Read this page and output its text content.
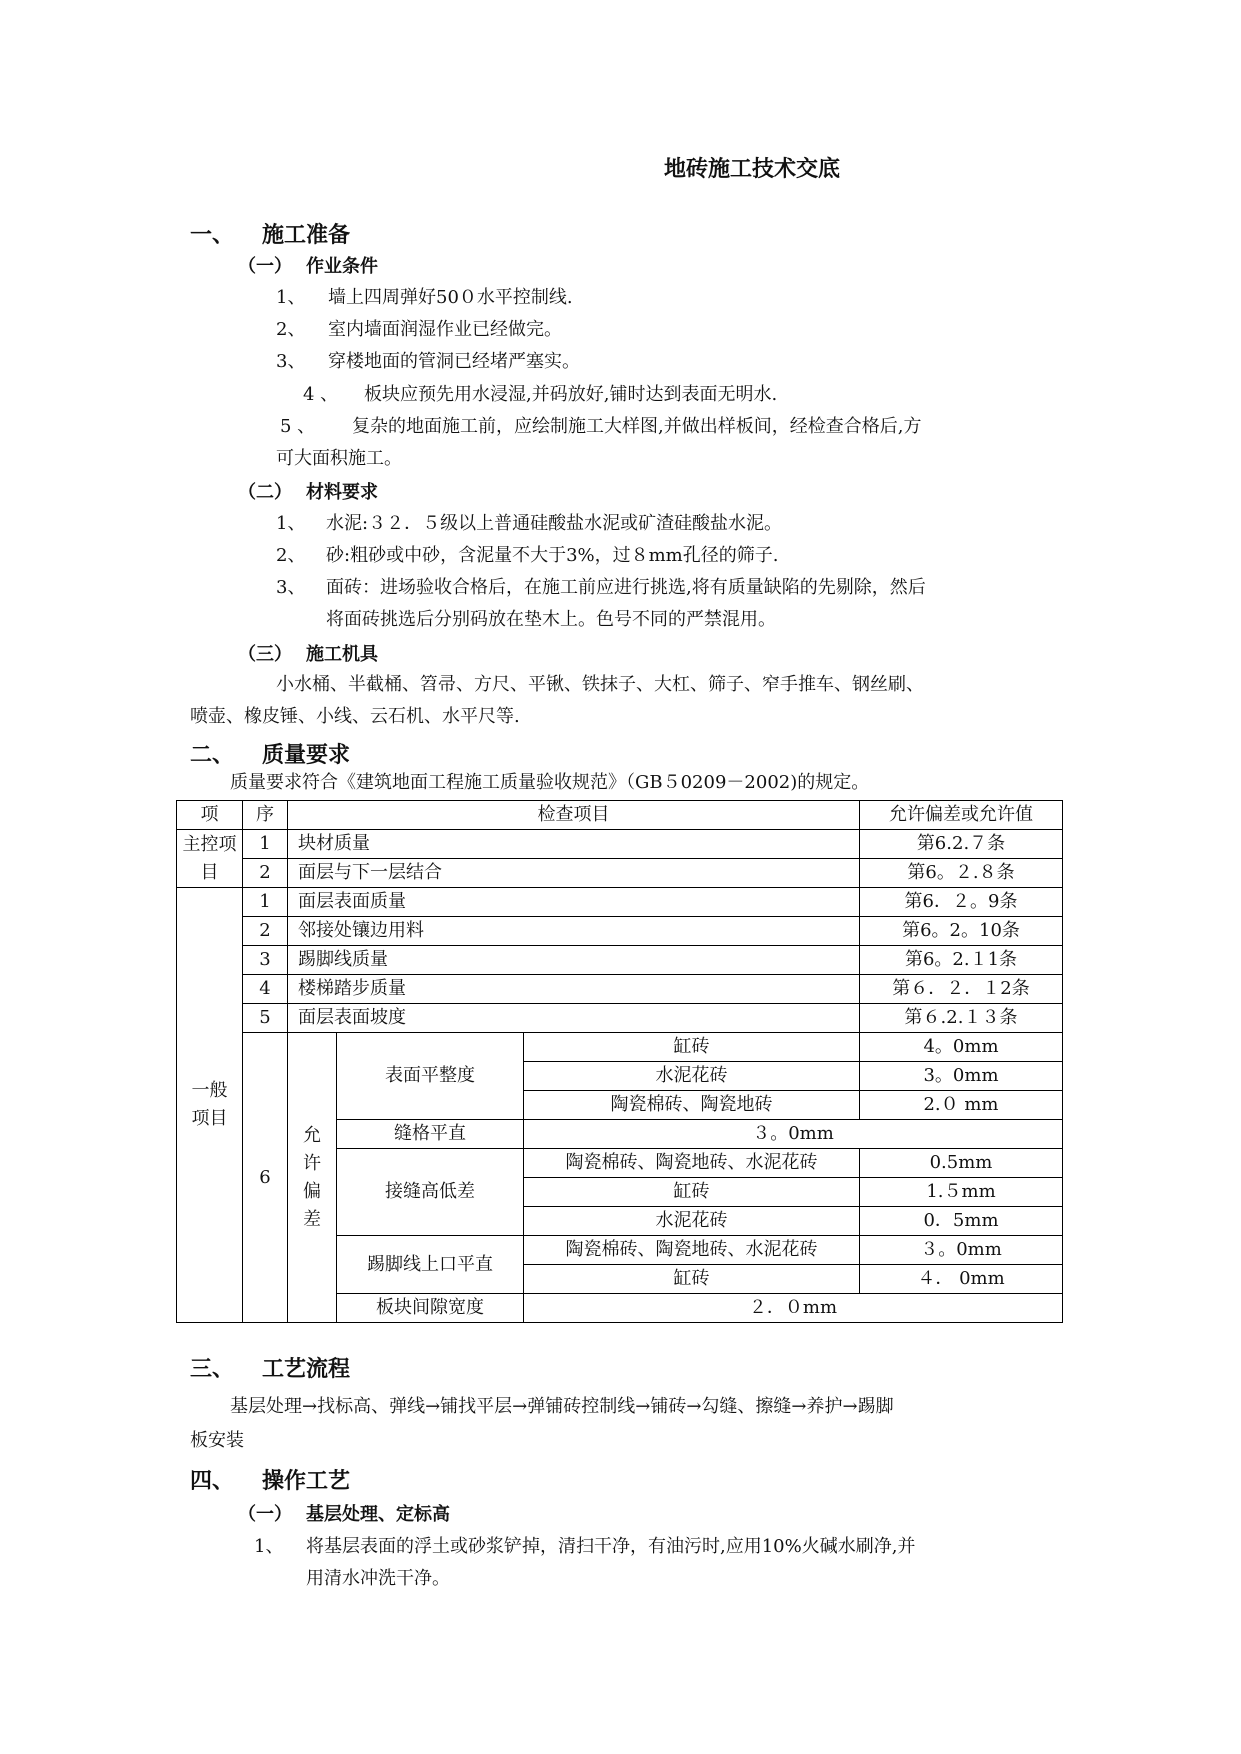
地砖施工技术交底
一、 施工准备
（一） 作业条件
1、 墙上四周弹好50０水平控制线.
2、 室内墙面润湿作业已经做完。
3、 穿楼地面的管洞已经堵严塞实。
4 、 板块应预先用水浸湿,并码放好,铺时达到表面无明水.
5 、 复杂的地面施工前，应绘制施工大样图,并做出样板间，经检查合格后,方
可大面积施工。
（二） 材料要求
1、 水泥:３２．５级以上普通硅酸盐水泥或矿渣硅酸盐水泥。
2、 砂:粗砂或中砂，含泥量不大于3%，过８mm孔径的筛子.
3、 面砖：进场验收合格后，在施工前应进行挑选,将有质量缺陷的先剔除，然后
将面砖挑选后分别码放在垫木上。色号不同的严禁混用。
（三） 施工机具
小水桶、半截桶、笤帚、方尺、平锹、铁抹子、大杠、筛子、窄手推车、钢丝刷、
喷壶、橡皮锤、小线、云石机、水平尺等.
二、 质量要求
质量要求符合《建筑地面工程施工质量验收规范》（GB５0209－2002)的规定。
项	序	检查项目			允许偏差或允许值
主控项目	1	块材质量			第6.2.７条
	2	面层与下一层结合			第6。２.８条
一般项目	1	面层表面质量			第6．２。9条
	2	邻接处镶边用料			第6。2。10条
	3	踢脚线质量			第6。2.１1条
	4	楼梯踏步质量			第６．２．１2条
	5	面层表面坡度			第６.2.１３条
	6	允许偏差	表面平整度	缸砖	4。0mm
				水泥花砖	3。0mm
				陶瓷棉砖、陶瓷地砖	2.０ mm
			缝格平直	３。0mm	
			接缝高低差	陶瓷棉砖、陶瓷地砖、水泥花砖	0.5mm
				缸砖	1.５mm
				水泥花砖	0．5mm
			踢脚线上口平直	陶瓷棉砖、陶瓷地砖、水泥花砖	３。0mm
				缸砖	４． 0mm
			板块间隙宽度	２．０mm	
三、 工艺流程
基层处理→找标高、弹线→铺找平层→弹铺砖控制线→铺砖→勾缝、擦缝→养护→踢脚
板安装
四、 操作工艺
（一） 基层处理、定标高
1、 将基层表面的浮土或砂浆铲掉，清扫干净，有油污时,应用10%火碱水刷净,并
用清水冲洗干净。
